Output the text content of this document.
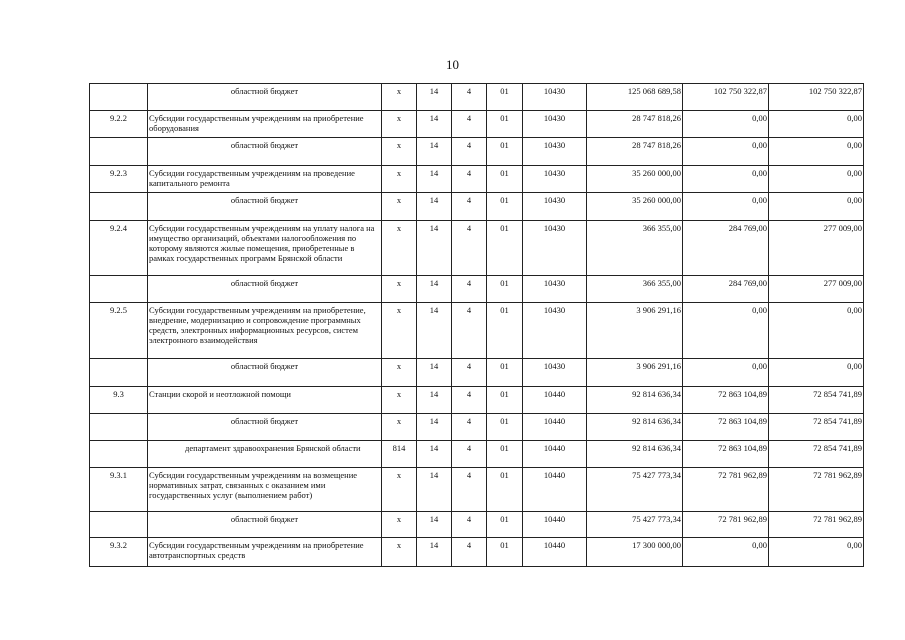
10
	областной бюджет	x	14	4	01	10430	125 068 689,58	102 750 322,87	102 750 322,87
9.2.2	Субсидии государственным учреждениям на приобретение оборудования	x	14	4	01	10430	28 747 818,26	0,00	0,00
	областной бюджет	x	14	4	01	10430	28 747 818,26	0,00	0,00
9.2.3	Субсидии государственным учреждениям на проведение капитального ремонта	x	14	4	01	10430	35 260 000,00	0,00	0,00
	областной бюджет	x	14	4	01	10430	35 260 000,00	0,00	0,00
9.2.4	Субсидии государственным учреждениям на уплату налога на имущество организаций, объектами налогообложения по которому являются жилые помещения, приобретенные в рамках государственных программ Брянской области	x	14	4	01	10430	366 355,00	284 769,00	277 009,00
	областной бюджет	x	14	4	01	10430	366 355,00	284 769,00	277 009,00
9.2.5	Субсидии государственным учреждениям на приобретение, внедрение, модернизацию и сопровождение программных средств, электронных информационных ресурсов, систем электронного взаимодействия	x	14	4	01	10430	3 906 291,16	0,00	0,00
	областной бюджет	x	14	4	01	10430	3 906 291,16	0,00	0,00
9.3	Станции скорой и неотложной помощи	x	14	4	01	10440	92 814 636,34	72 863 104,89	72 854 741,89
	областной бюджет	x	14	4	01	10440	92 814 636,34	72 863 104,89	72 854 741,89
	департамент здравоохранения Брянской области	814	14	4	01	10440	92 814 636,34	72 863 104,89	72 854 741,89
9.3.1	Субсидии государственным учреждениям на возмещение нормативных затрат, связанных с оказанием ими государственных услуг (выполнением работ)	x	14	4	01	10440	75 427 773,34	72 781 962,89	72 781 962,89
	областной бюджет	x	14	4	01	10440	75 427 773,34	72 781 962,89	72 781 962,89
9.3.2	Субсидии государственным учреждениям на приобретение автотранспортных средств	x	14	4	01	10440	17 300 000,00	0,00	0,00
